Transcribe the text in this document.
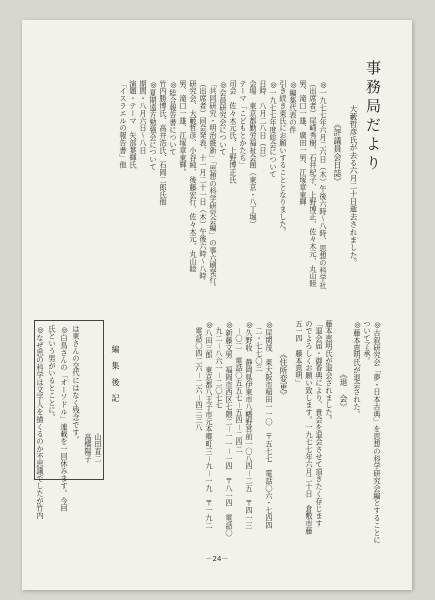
事務局だより
大藪哲彦氏が去る六月二十日逝去されました。
《評議員会日誌》
◎一九七七年六月二六日（木）午後六時～八時、思想の科学社
（出席者）尾崎秀樹、石井紀子、上野博正、佐々木元、丸山睦
男、滝口一雄、廣田一男、江塚章東輝
◎編集代表の件
引き続き東氏にお願いすることとなりました。
◎一九七七年度総会について
日時　八月二八日（日）
会場　東京都勤労福祉会館（東京・八丁堀）
テーマ「こどもとかたち」
司会　佐々木元氏、上野博正氏
◎会員研究会について
「共同研究・明治維新」「思想の科学研究会編」の事六刷発行。
（出席者）同会発表、十一月二十一日（木）午後六時～八時
研究会、大藪哲彦、小谷純、後藤宏行、佐々木元、丸山睦
男、滝口一雄、江塚章東輝。
◎総合報告書について
竹内勝博氏、高井浩氏、石岡二郎氏他
◎夏期遠方勉強会について
期間・八月六日～八日
演題・テーマ　矢部葉輝氏
「イスラエルの報告書」他
◎古叙研究会「夢・日本古典」を思想の科学研究会編とすることに
ついて了承。
◎藤本恵明氏が退会された。
《退　会》
藤本恵明氏が退会されました。
「退会届・御香典により、貴会を退会させて頂きたく存じます
のでよろしくお願い致します。一九七七年六月二十日　倉敷市藤
五一四　藤本恵明」
《住所変更》
◎尾関茂　東大阪市稲田一一〇　〒五七七　電話〇六・七四四
　二・七七〇三
◎久野收　静岡県伊東市八幡野宮前一〇八四－二五　〒四一三
　－〇二　電話〇五五七－五四－二四二
◎新藤文男　福岡市西区七隈二－一一－一四　〒八一四　電話〇
　九二－八六一－二〇七七
◎八田三郎　東京都八王子市元本郷町三－九－一九　〒一九二
　電話〇四二六－二六－四三三八
編　集　後　記
◎なぜ思の科学は文字人を描くるのか不思議でしたが竹内 氏という男がいるとことに。 ◎白鳥さんの「オーソドル」連載を一回休みます。今回 は東さんの交代にはなく残念です。
高橋陽子 山田直二
－24－
